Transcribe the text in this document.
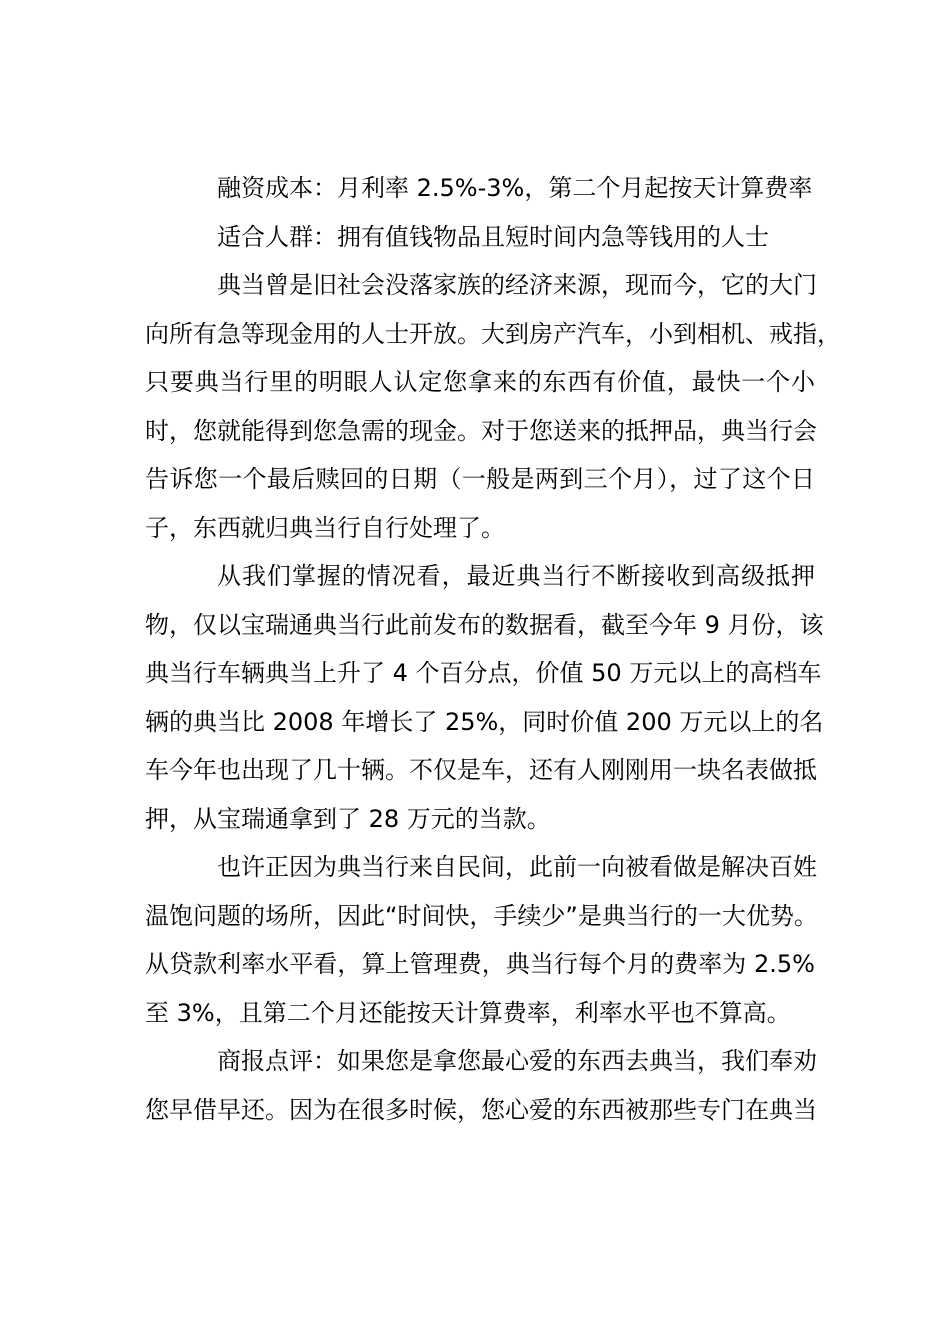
融资成本：月利率 2.5%-3%，第二个月起按天计算费率
适合人群：拥有值钱物品且短时间内急等钱用的人士
典当曾是旧社会没落家族的经济来源，现而今，它的大门
向所有急等现金用的人士开放。大到房产汽车，小到相机、戒指，
只要典当行里的明眼人认定您拿来的东西有价值，最快一个小
时，您就能得到您急需的现金。对于您送来的抵押品，典当行会
告诉您一个最后赎回的日期（一般是两到三个月），过了这个日
子，东西就归典当行自行处理了。
从我们掌握的情况看，最近典当行不断接收到高级抵押
物，仅以宝瑞通典当行此前发布的数据看，截至今年 9 月份，该
典当行车辆典当上升了 4 个百分点，价值 50 万元以上的高档车
辆的典当比 2008 年增长了 25%，同时价值 200 万元以上的名
车今年也出现了几十辆。不仅是车，还有人刚刚用一块名表做抵
押，从宝瑞通拿到了 28 万元的当款。
也许正因为典当行来自民间，此前一向被看做是解决百姓
温饱问题的场所，因此“时间快，手续少”是典当行的一大优势。
从贷款利率水平看，算上管理费，典当行每个月的费率为 2.5%
至 3%，且第二个月还能按天计算费率，利率水平也不算高。
商报点评：如果您是拿您最心爱的东西去典当，我们奉劝
您早借早还。因为在很多时候，您心爱的东西被那些专门在典当
